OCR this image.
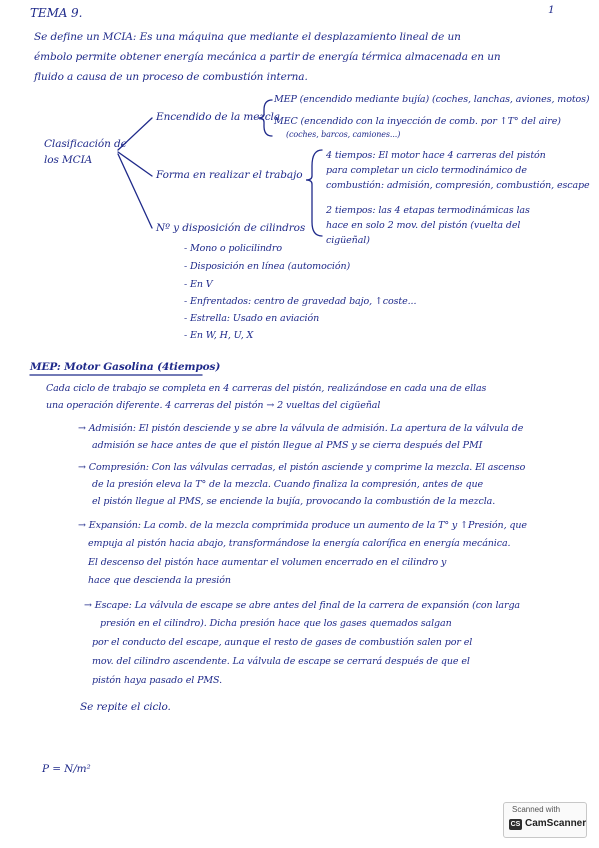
TEMA 9.	1
Se define un MCIA: Es una máquina que mediante el desplazamiento lineal de un
émbolo permite obtener energía mecánica a partir de energía térmica almacenada en un
fluido a causa de un proceso de combustión interna.
Clasificación de
los MCIA
Encendido de la mezcla
MEP (encendido mediante bujía) (coches, lanchas, aviones, motos)
MEC (encendido con la inyección de comb. por ↑T° del aire)
(coches, barcos, camiones...)
Forma en realizar el trabajo
4 tiempos: El motor hace 4 carreras del pistón
para completar un ciclo termodinámico de
combustión: admisión, compresión, combustión, escape
2 tiempos: las 4 etapas termodinámicas las
hace en solo 2 mov. del pistón (vuelta del
cigüeñal)
Nº y disposición de cilindros
- Mono o policilindro
- Disposición en línea (automoción)
- En V
- Enfrentados: centro de gravedad bajo, ↑coste...
- Estrella: Usado en aviación
- En W, H, U, X
MEP: Motor Gasolina (4tiempos)
Cada ciclo de trabajo se completa en 4 carreras del pistón, realizándose en cada una de ellas
una operación diferente. 4 carreras del pistón → 2 vueltas del cigüeñal
→ Admisión: El pistón desciende y se abre la válvula de admisión. La apertura de la válvula de
admisión se hace antes de que el pistón llegue al PMS y se cierra después del PMI
→ Compresión: Con las válvulas cerradas, el pistón asciende y comprime la mezcla. El ascenso
de la presión eleva la T° de la mezcla. Cuando finaliza la compresión, antes de que
el pistón llegue al PMS, se enciende la bujía, provocando la combustión de la mezcla.
→ Expansión: La comb. de la mezcla comprimida produce un aumento de la T° y ↑Presión, que
empuja al pistón hacia abajo, transformándose la energía calorífica en energía mecánica.
El descenso del pistón hace aumentar el volumen encerrado en el cilindro y
hace que descienda la presión
→ Escape: La válvula de escape se abre antes del final de la carrera de expansión (con larga
presión en el cilindro). Dicha presión hace que los gases quemados salgan
por el conducto del escape, aunque el resto de gases de combustión salen por el
mov. del cilindro ascendente. La válvula de escape se cerrará después de que el
pistón haya pasado el PMS.
Se repite el ciclo.
P = N/m²
Scanned with
CS CamScanner
